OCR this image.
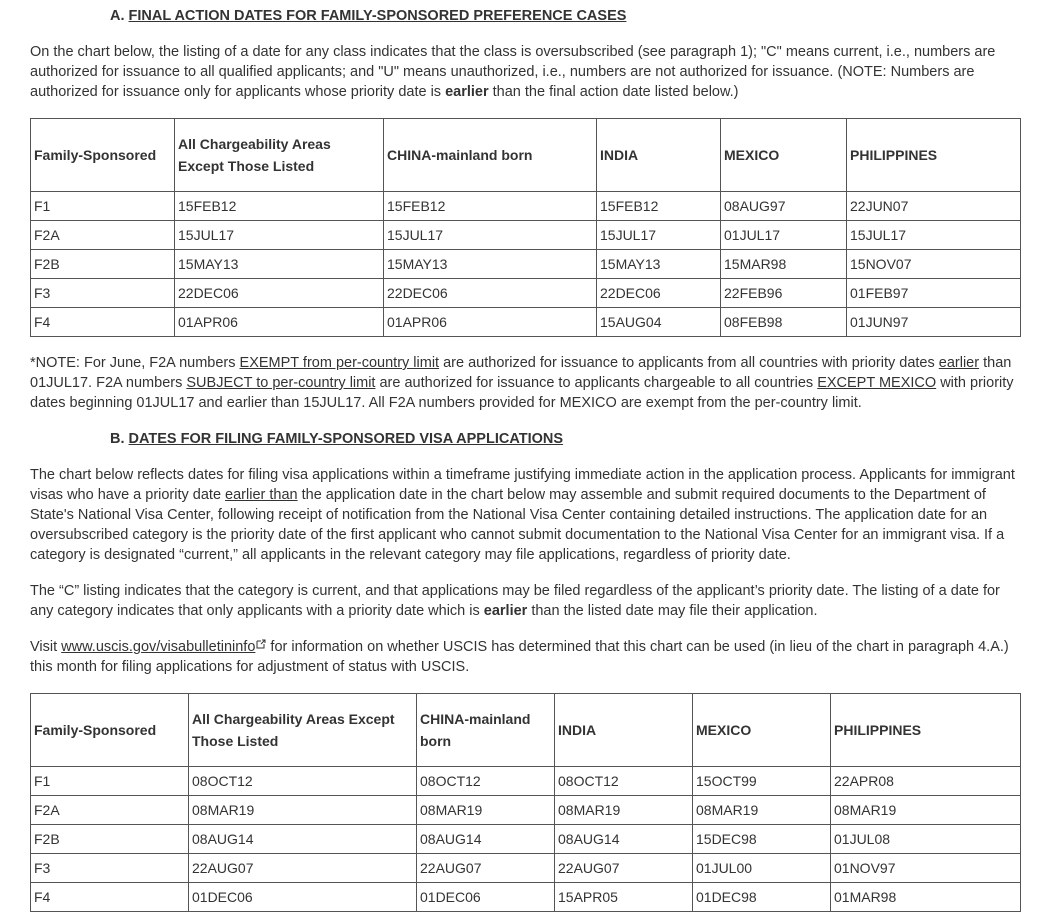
A. FINAL ACTION DATES FOR FAMILY-SPONSORED PREFERENCE CASES

On the chart below, the listing of a date for any class indicates that the class is oversubscribed (see paragraph 1); "C" means current, i.e., numbers are authorized for issuance to all qualified applicants; and "U" means unauthorized, i.e., numbers are not authorized for issuance. (NOTE: Numbers are authorized for issuance only for applicants whose priority date is earlier than the final action date listed below.)

Family-Sponsored	All Chargeability Areas Except Those Listed	CHINA-mainland born	INDIA	MEXICO	PHILIPPINES
F1	15FEB12	15FEB12	15FEB12	08AUG97	22JUN07
F2A	15JUL17	15JUL17	15JUL17	01JUL17	15JUL17
F2B	15MAY13	15MAY13	15MAY13	15MAR98	15NOV07
F3	22DEC06	22DEC06	22DEC06	22FEB96	01FEB97
F4	01APR06	01APR06	15AUG04	08FEB98	01JUN97

*NOTE: For June, F2A numbers EXEMPT from per-country limit are authorized for issuance to applicants from all countries with priority dates earlier than 01JUL17. F2A numbers SUBJECT to per-country limit are authorized for issuance to applicants chargeable to all countries EXCEPT MEXICO with priority dates beginning 01JUL17 and earlier than 15JUL17. All F2A numbers provided for MEXICO are exempt from the per-country limit.

B. DATES FOR FILING FAMILY-SPONSORED VISA APPLICATIONS

The chart below reflects dates for filing visa applications within a timeframe justifying immediate action in the application process. Applicants for immigrant visas who have a priority date earlier than the application date in the chart below may assemble and submit required documents to the Department of State's National Visa Center, following receipt of notification from the National Visa Center containing detailed instructions. The application date for an oversubscribed category is the priority date of the first applicant who cannot submit documentation to the National Visa Center for an immigrant visa. If a category is designated “current,” all applicants in the relevant category may file applications, regardless of priority date.

The “C” listing indicates that the category is current, and that applications may be filed regardless of the applicant’s priority date. The listing of a date for any category indicates that only applicants with a priority date which is earlier than the listed date may file their application.

Visit www.uscis.gov/visabulletininfo for information on whether USCIS has determined that this chart can be used (in lieu of the chart in paragraph 4.A.) this month for filing applications for adjustment of status with USCIS.

Family-Sponsored	All Chargeability Areas Except Those Listed	CHINA-mainland born	INDIA	MEXICO	PHILIPPINES
F1	08OCT12	08OCT12	08OCT12	15OCT99	22APR08
F2A	08MAR19	08MAR19	08MAR19	08MAR19	08MAR19
F2B	08AUG14	08AUG14	08AUG14	15DEC98	01JUL08
F3	22AUG07	22AUG07	22AUG07	01JUL00	01NOV97
F4	01DEC06	01DEC06	15APR05	01DEC98	01MAR98
